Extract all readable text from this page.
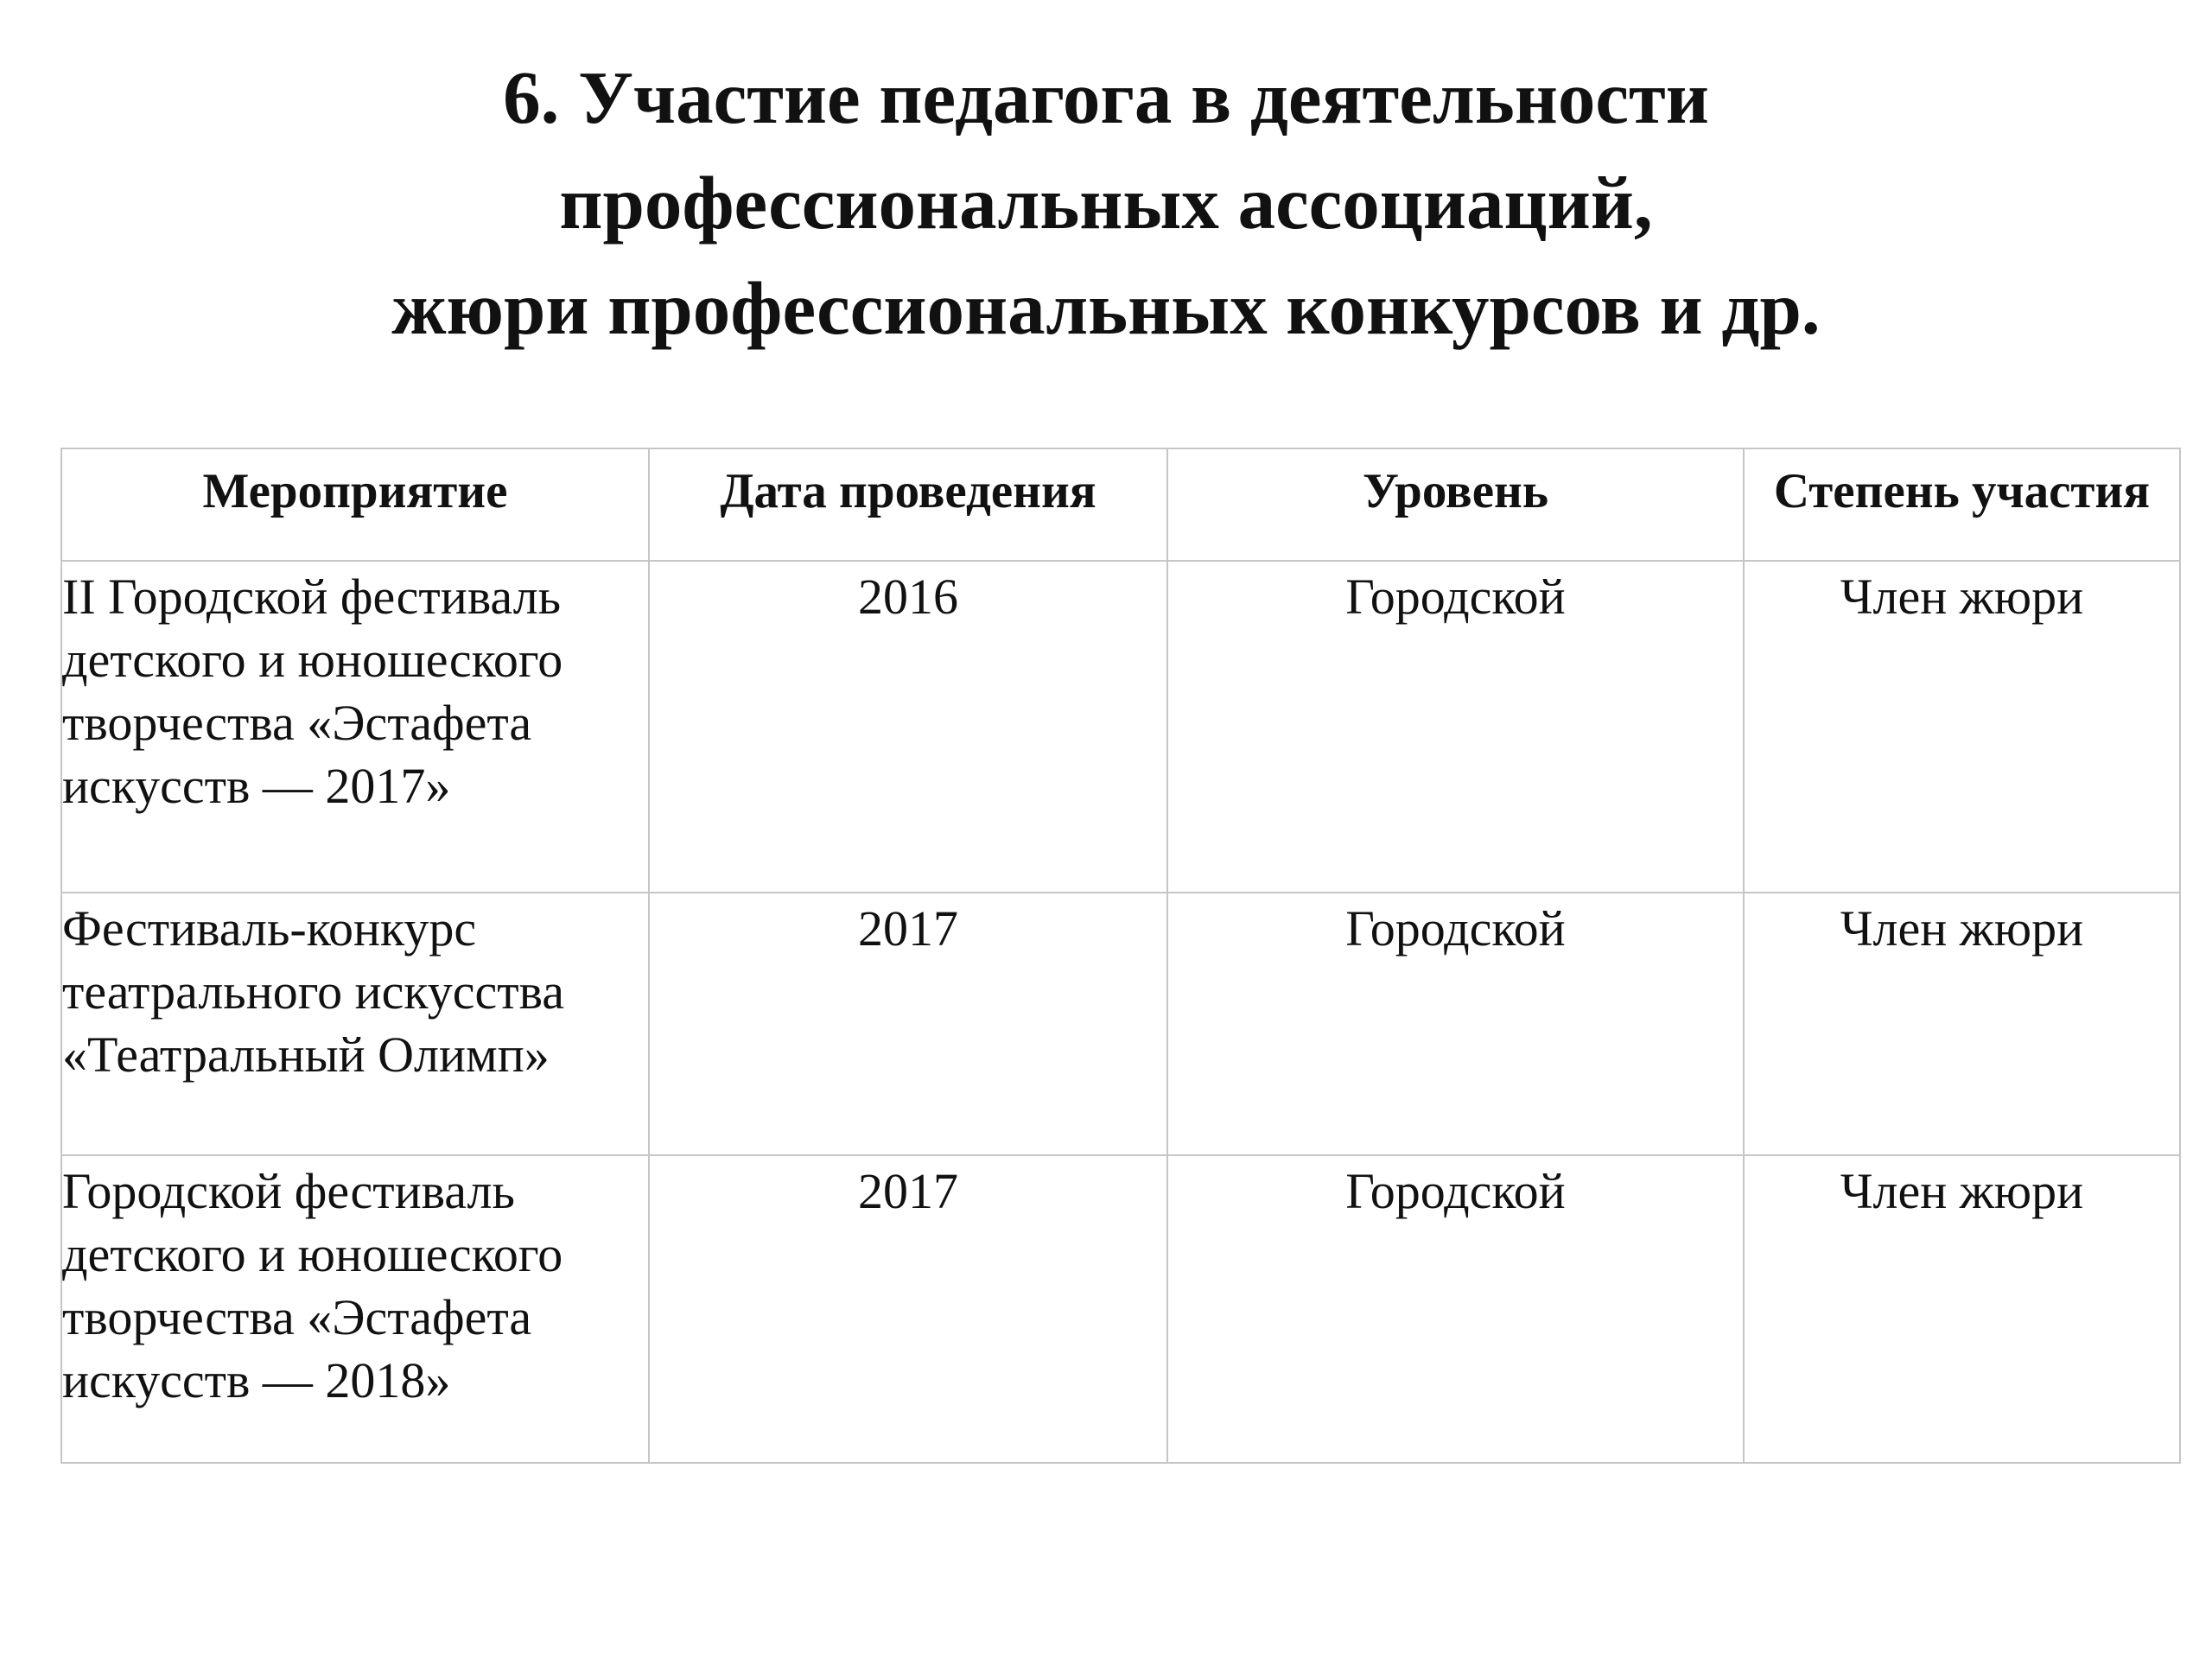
6. Участие педагога в деятельности
профессиональных ассоциаций,
жюри профессиональных конкурсов и др.
Мероприятие	Дата проведения	Уровень	Степень участия
II Городской фестиваль детского и юношеского творчества «Эстафета искусств — 2017»	2016	Городской	Член жюри
Фестиваль-конкурс театрального искусства «Театральный Олимп»	2017	Городской	Член жюри
Городской фестиваль детского и юношеского творчества «Эстафета искусств — 2018»	2017	Городской	Член жюри
